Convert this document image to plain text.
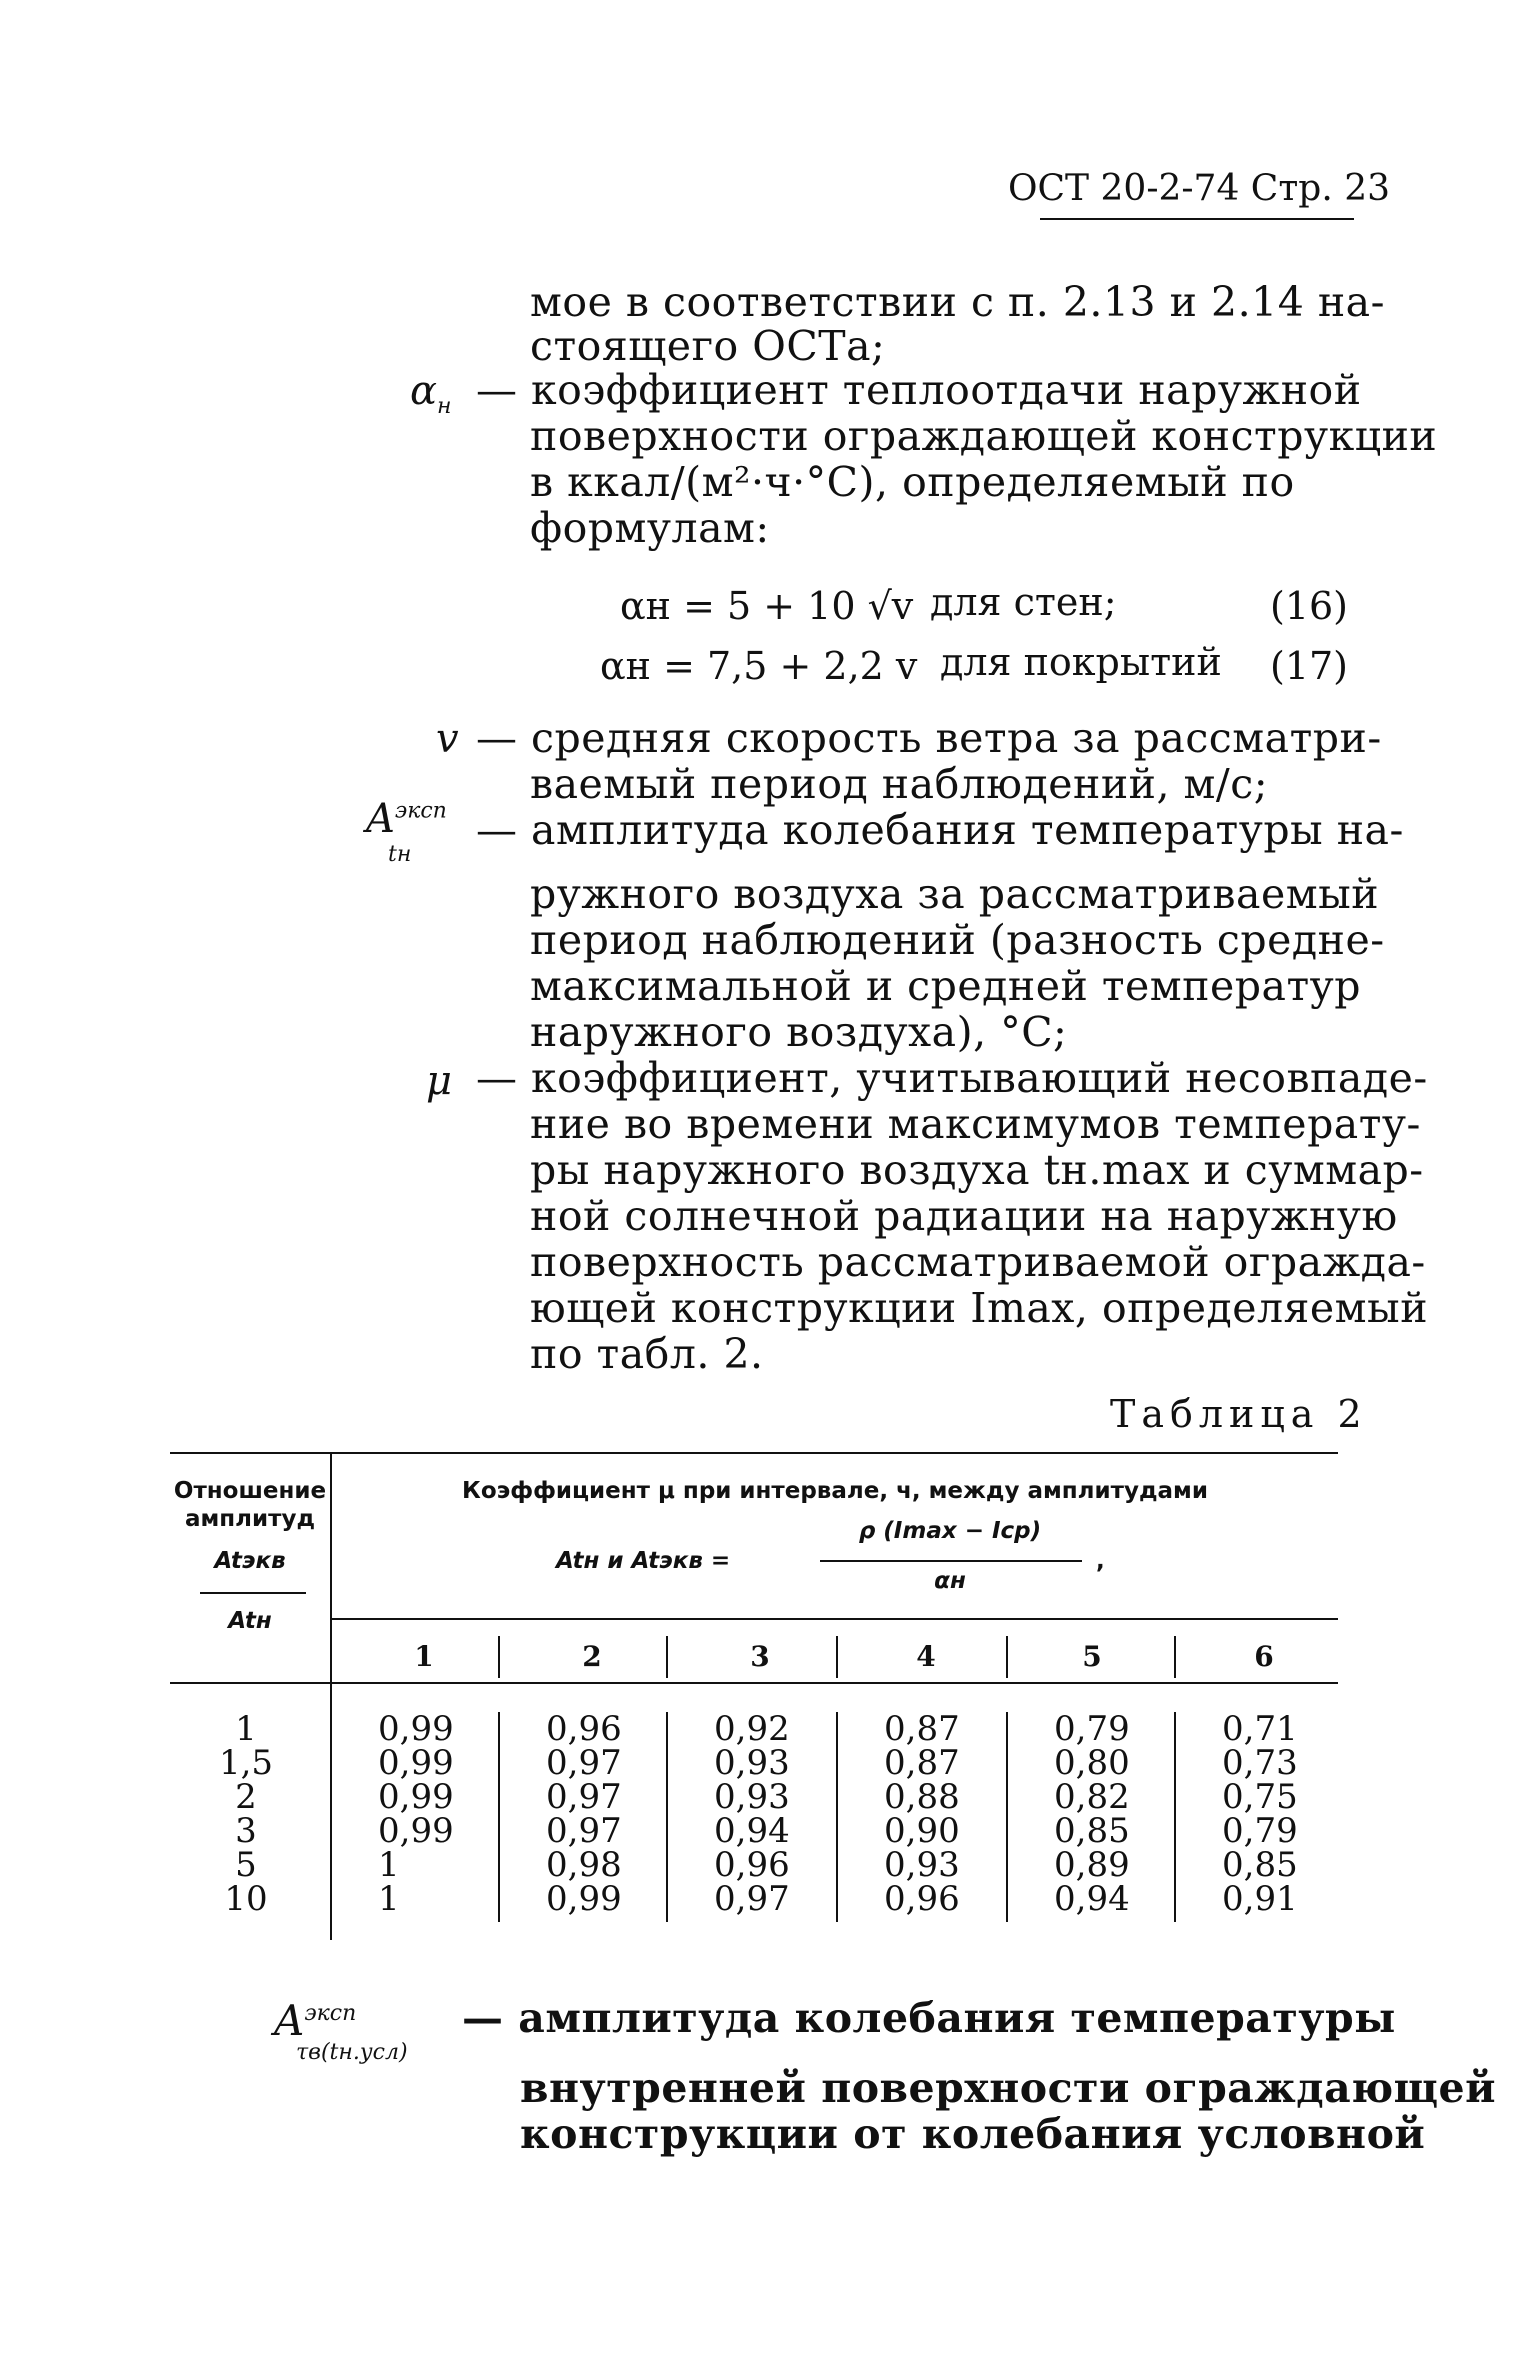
ОСТ 20-2-74 Стр. 23
мое в соответствии с п. 2.13 и 2.14 на-
стоящего ОСТа;
$\alpha_н$ — коэффициент теплоотдачи наружной
поверхности ограждающей конструкции
в ккал/(м²·ч·°С), определяемый по
формулам:
αн = 5 + 10 √v для стен;	(16)
αн = 7,5 + 2,2 v для покрытий (17)
v — средняя скорость ветра за рассматри-
ваемый период наблюдений, м/с;
$A^{эксп}$
tн
— амплитуда колебания температуры на-
ружного воздуха за рассматриваемый
период наблюдений (разность средне-
максимальной и средней температур
наружного воздуха), °С;
μ — коэффициент, учитывающий несовпаде-
ние во времени максимумов температу-
ры наружного воздуха tн.max и суммар-
ной солнечной радиации на наружную
поверхность рассматриваемой огражда-
ющей конструкции Imax, определяемый
по табл. 2.
Таблица 2
Отношение
амплитуд
Atэкв
Atн
Коэффициент μ при интервале, ч, между амплитудами
Atн и Atэкв =
ρ (Imax − Iср)
αн
,
1	2	3	4	5	6
1	0,99	0,96	0,92	0,87	0,79	0,71
1,5	0,99	0,97	0,93	0,87	0,80	0,73
2	0,99	0,97	0,93	0,88	0,82	0,75
3	0,99	0,97	0,94	0,90	0,85	0,79
5	1	0,98	0,96	0,93	0,89	0,85
10	1	0,99	0,97	0,96	0,94	0,91
$A^{эксп}$
τв(tн.усл)
— амплитуда колебания температуры
внутренней поверхности ограждающей
конструкции от колебания условной
